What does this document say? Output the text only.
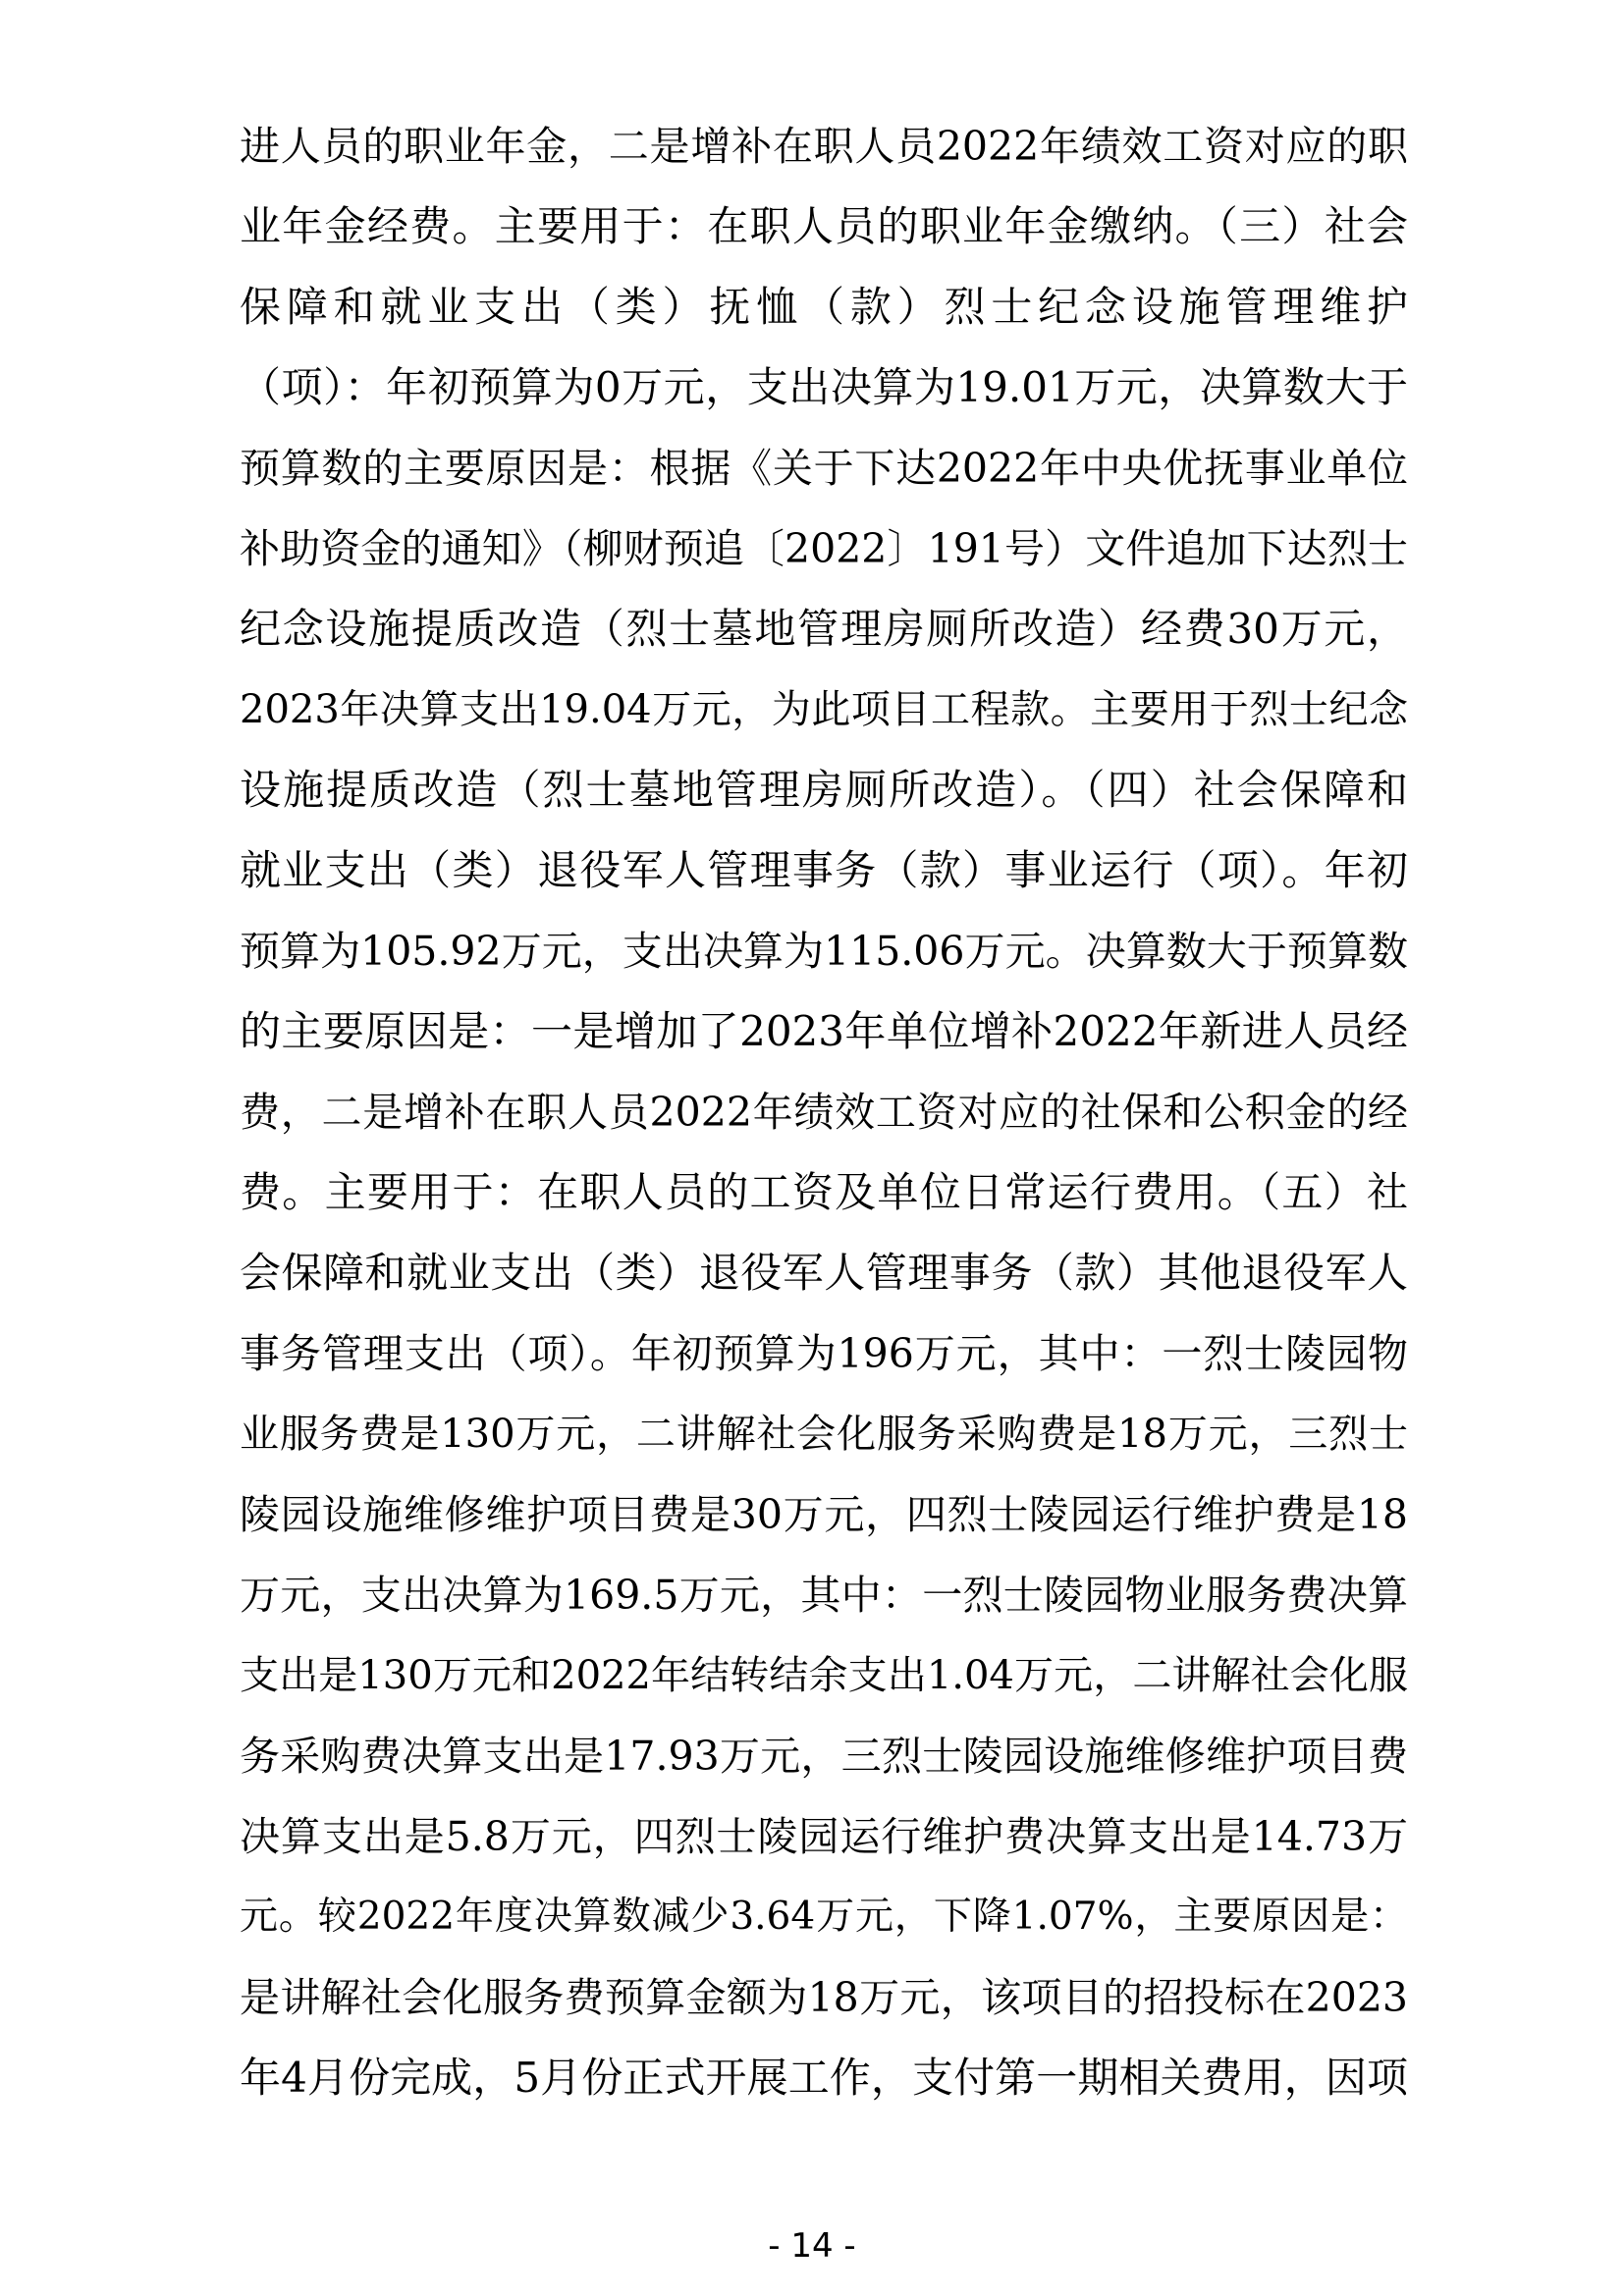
进人员的职业年金，二是增补在职人员2022年绩效工资对应的职
业年金经费。主要用于：在职人员的职业年金缴纳。（三）社会
保障和就业支出（类）抚恤（款）烈士纪念设施管理维护
（项）：年初预算为0万元，支出决算为19.01万元，决算数大于
预算数的主要原因是：根据《关于下达2022年中央优抚事业单位
补助资金的通知》（柳财预追〔2022〕191号）文件追加下达烈士
纪念设施提质改造（烈士墓地管理房厕所改造）经费30万元，
2023年决算支出19.04万元，为此项目工程款。主要用于烈士纪念
设施提质改造（烈士墓地管理房厕所改造）。（四）社会保障和
就业支出（类）退役军人管理事务（款）事业运行（项）。年初
预算为105.92万元，支出决算为115.06万元。决算数大于预算数
的主要原因是：一是增加了2023年单位增补2022年新进人员经
费，二是增补在职人员2022年绩效工资对应的社保和公积金的经
费。主要用于：在职人员的工资及单位日常运行费用。（五）社
会保障和就业支出（类）退役军人管理事务（款）其他退役军人
事务管理支出（项）。年初预算为196万元，其中：一烈士陵园物
业服务费是130万元，二讲解社会化服务采购费是18万元，三烈士
陵园设施维修维护项目费是30万元，四烈士陵园运行维护费是18
万元，支出决算为169.5万元，其中：一烈士陵园物业服务费决算
支出是130万元和2022年结转结余支出1.04万元，二讲解社会化服
务采购费决算支出是17.93万元，三烈士陵园设施维修维护项目费
决算支出是5.8万元，四烈士陵园运行维护费决算支出是14.73万
元。较2022年度决算数减少3.64万元，下降1.07%，主要原因是：
是讲解社会化服务费预算金额为18万元，该项目的招投标在2023
年4月份完成，5月份正式开展工作，支付第一期相关费用，因项
- 14 -
